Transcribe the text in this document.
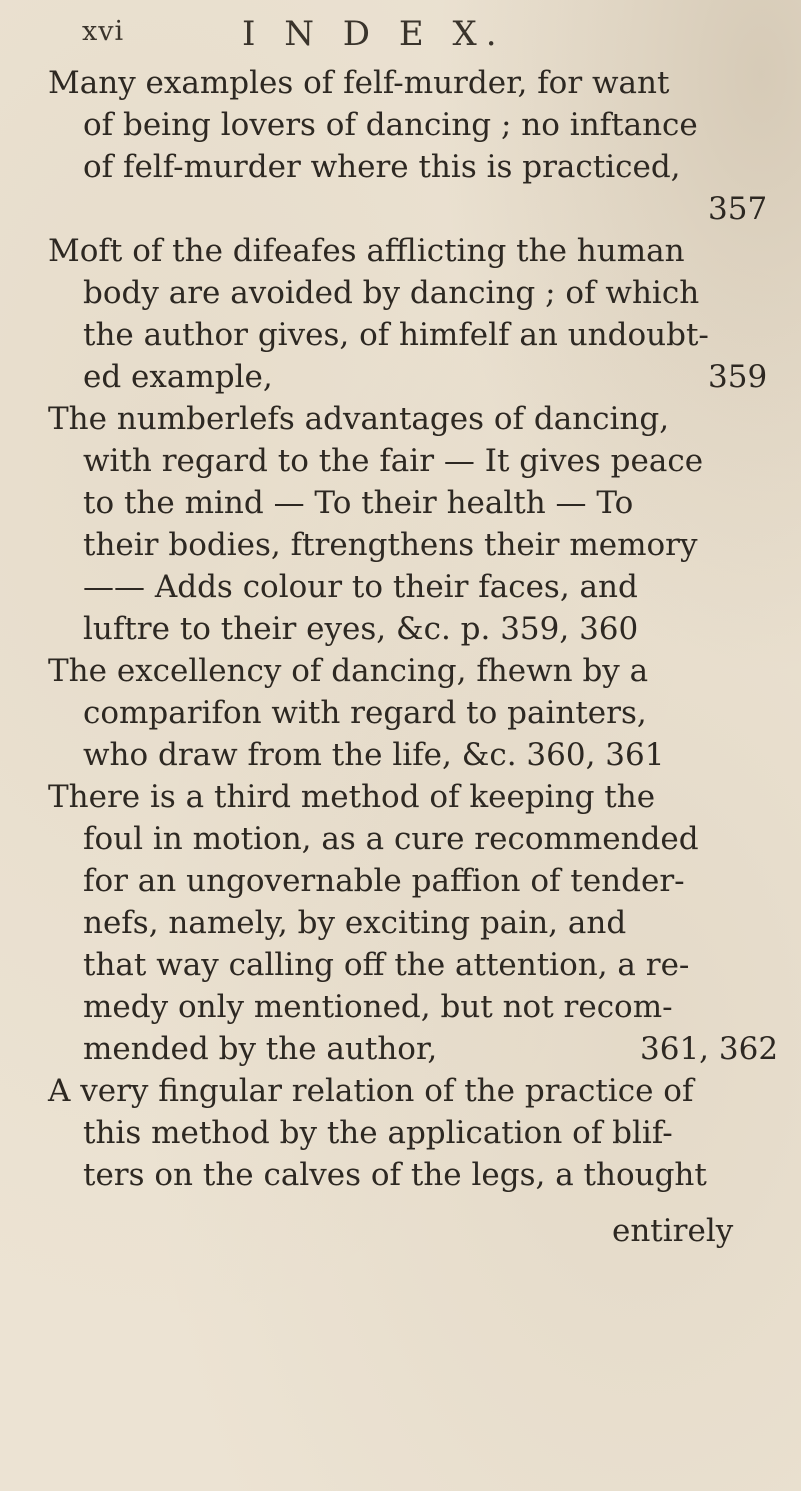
xvi	I N D E X.
Many examples of felf-murder, for want
of being lovers of dancing ; no inftance
of felf-murder where this is practiced,
357
Moft of the difeafes afflicting the human
body are avoided by dancing ; of which
the author gives, of himfelf an undoubt-
ed example,	359
The numberlefs advantages of dancing,
with regard to the fair — It gives peace
to the mind — To their health — To
their bodies, ftrengthens their memory
—— Adds colour to their faces, and
luftre to their eyes, &c. p. 359, 360
The excellency of dancing, fhewn by a
comparifon with regard to painters,
who draw from the life, &c. 360, 361
There is a third method of keeping the
foul in motion, as a cure recommended
for an ungovernable paffion of tender-
nefs, namely, by exciting pain, and
that way calling off the attention, a re-
medy only mentioned, but not recom-
mended by the author,	361, 362
A very fingular relation of the practice of
this method by the application of blif-
ters on the calves of the legs, a thought
entirely
